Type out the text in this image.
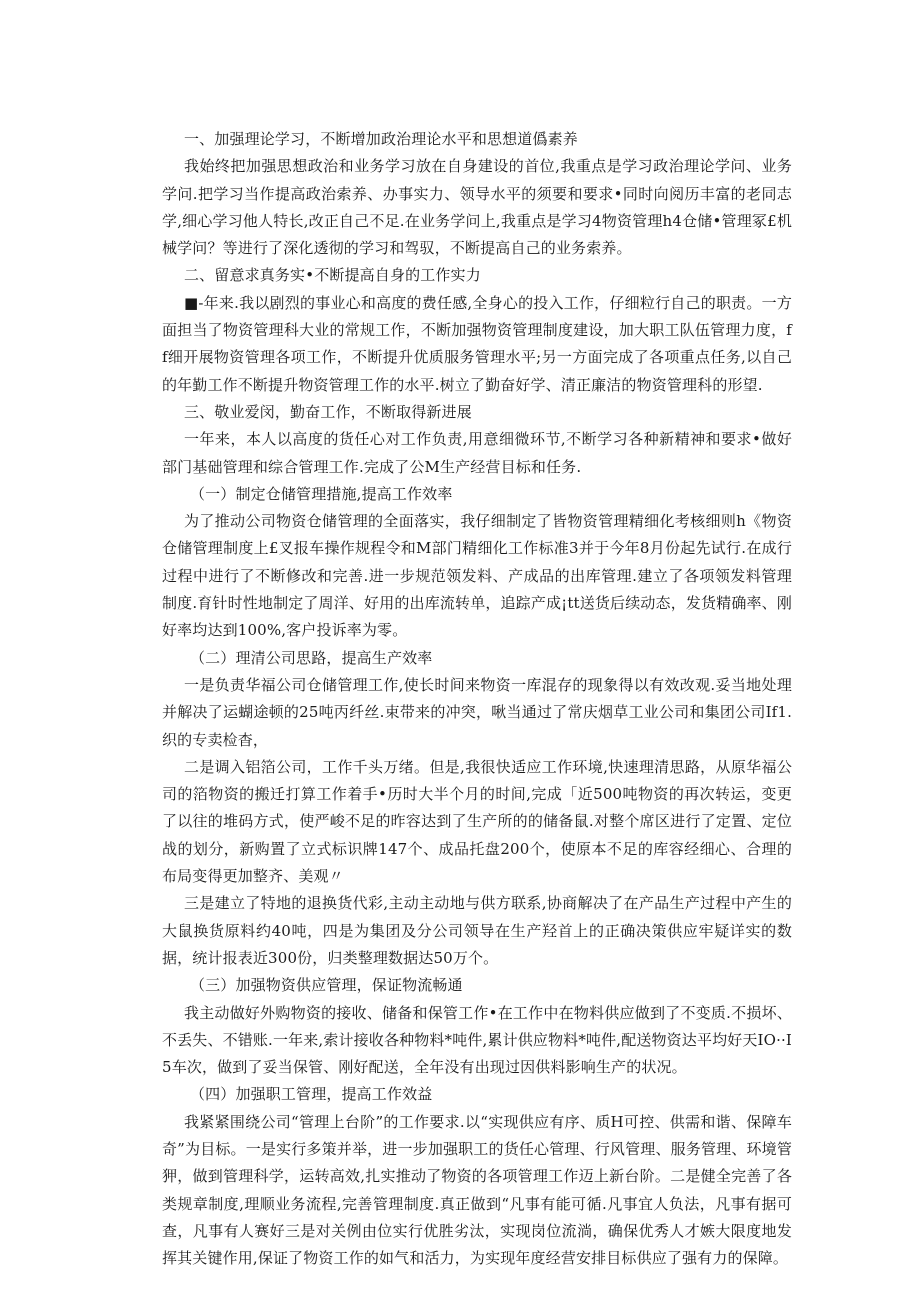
一、加强理论学习，不断增加政治理论水平和思想道僞素养

我始终把加强思想政治和业务学习放在自身建设的首位,我重点是学习政治理论学问、业务学问.把学习当作提高政治索养、办事实力、领导水平的须要和要求•同时向阅历丰富的老同志学,细心学习他人特长,改正自己不足.在业务学问上,我重点是学习4物资管理h4仓储•管理冢£机械学问？等进行了深化透彻的学习和驾驭，不断提高自己的业务索养。

二、留意求真务实•不断提高自身的工作实力

■-年来.我以剧烈的事业心和高度的费任感,全身心的投入工作，仔细粒行自己的职责。一方面担当了物资管理科大业的常规工作，不断加强物资管理制度建设，加大职工队伍管理力度，ff细开展物资管理各项工作，不断提升优质服务管理水平;另一方面完成了各项重点任务,以自己的年勤工作不断提升物资管理工作的水平.树立了勤奋好学、清正廉洁的物资管理科的形望.

三、敬业爱闵，勤奋工作，不断取得新进展

一年来，本人以高度的货任心对工作负责,用意细微环节,不断学习各种新精神和要求•做好部门基础管理和综合管理工作.完成了公M生产经营目标和任务.

（一）制定仓储管理措施,提高工作效率

为了推动公司物资仓储管理的全面落实，我仔细制定了皆物资管理精细化考核细则h《物资仓储管理制度上£叉报车操作规程令和M部门精细化工作标准3并于今年8月份起先试行.在成行过程中进行了不断修改和完善.进一步规范领发料、产成品的出库管理.建立了各项领发料管理制度.育针时性地制定了周洋、好用的出库流转单，追踪产成¡tt送货后续动态，发货精确率、刚好率均达到100%,客户投诉率为零。

（二）理清公司思路，提高生产效率

一是负责华福公司仓储管理工作,使长时间来物资一库混存的现象得以有效改观.妥当地处理并解决了运蝴途顿的25吨丙纤丝.束带来的冲突，啾当通过了常庆烟草工业公司和集团公司If1.织的专卖检杳，

二是调入铝箔公司，工作千头万绪。但是,我很快适应工作环境,快速理清思路，从原华福公司的箔物资的搬迁打算工作着手•历时大半个月的时间,完成「近500吨物资的再次转运，变更了以往的堆码方式，使严峻不足的昨容达到了生产所的的储备鼠.对整个席区进行了定置、定位战的划分，新购置了立式标识牌147个、成品托盘200个，使原本不足的库容经细心、合理的布局变得更加整齐、美观〃

三是建立了特地的退换货代彩,主动主动地与供方联系,协商解决了在产品生产过程中产生的大鼠换货原料约40吨，四是为集团及分公司领导在生产羟首上的正确决策供应牢疑详实的数据，统计报表近300份，归类整理数据达50万个。

（三）加强物资供应管理，保证物流畅通

我主动做好外购物资的接收、储备和保管工作•在工作中在物料供应做到了不变质.不损坏、不丢失、不错账.一年来,索计接收各种物料*吨件,累计供应物料*吨件,配送物资达平均好天IO··I5车次，做到了妥当保管、刚好配送，全年没有出现过因供料影响生产的状况。

（四）加强职工管理，提高工作效益

我紧紧围绕公司“管理上台阶”的工作要求.以“实现供应有序、质H可控、供需和谐、保障车奇”为目标。一是实行多策并举，进一步加强职工的货任心管理、行风管理、服务管理、环境管狎，做到管理科学，运转高效,扎实推动了物资的各项管理工作迈上新台阶。二是健全完善了各类规章制度,理顺业务流程,完善管理制度.真正做到“凡事有能可循.凡事宜人负法，凡事有据可查，凡事有人赛好三是对关例由位实行优胜劣汰，实现岗位流淌，确保优秀人才嫉大限度地发挥其关键作用,保证了物资工作的如气和活力，为实现年度经营安排目标供应了强有力的保障。
